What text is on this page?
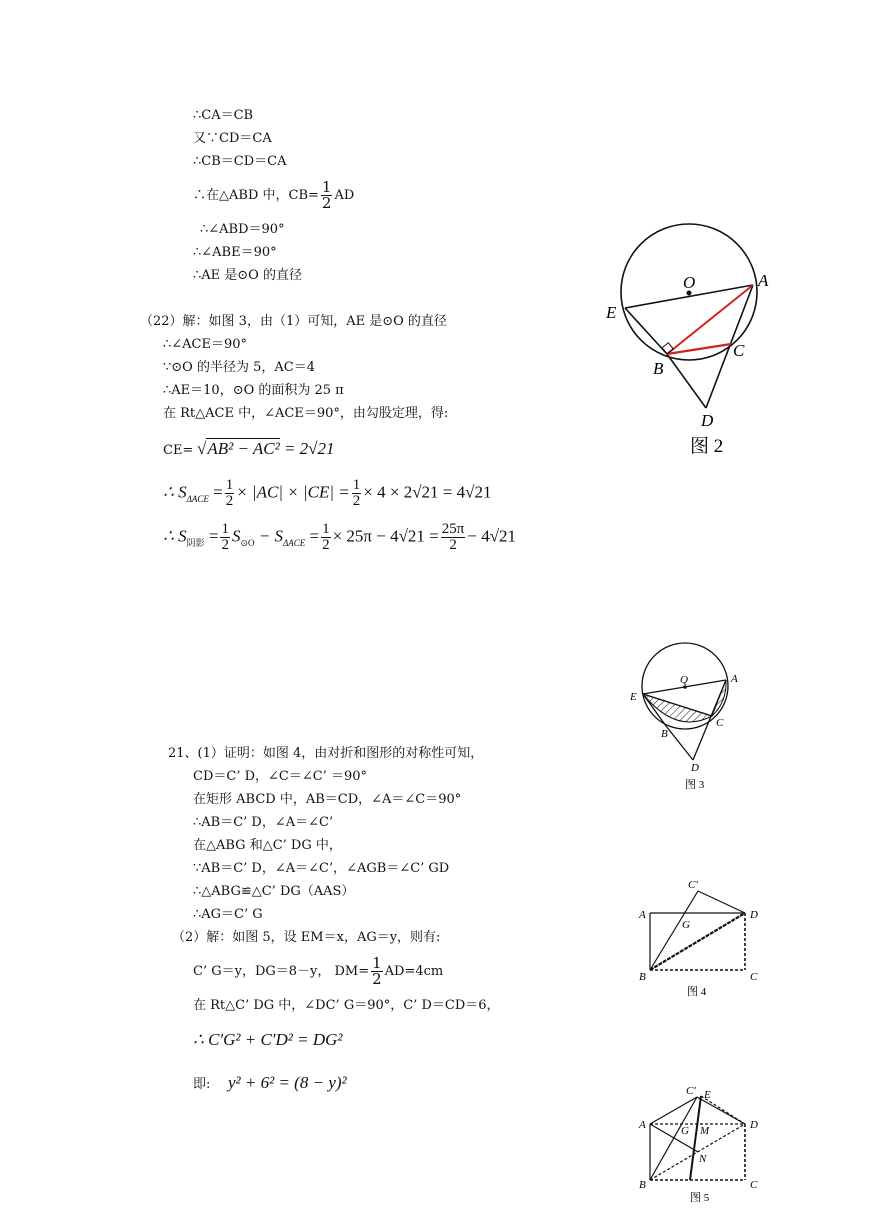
∴CA＝CB
又∵CD＝CA
∴CB＝CD＝CA
∴在△ABD 中，$CB= \frac{1}{2}$ AD
∴∠ABD＝90°
∴∠ABE＝90°
∴AE 是⊙O 的直径
（22）解：如图 3，由（1）可知，AE 是⊙O 的直径
∴∠ACE＝90°
∵⊙O 的半径为 5，AC＝4
∴AE＝10，⊙O 的面积为 25 π
在 Rt△ACE 中，∠ACE＝90°，由勾股定理，得:
CE= √AB² − AC² = 2√21
∴ $S_{\Delta ACE} = \frac{1}{2} \times |AC| \times |CE| = \frac{1}{2} \times 4 \times 2√21 = 4√21$
∴ $S_{阴影} = \frac{1}{2} S_{⊙O} - S_{\Delta ACE} = \frac{1}{2} \times 25\pi - 4√21 = \frac{25\pi}{2} - 4√21$
21、(1）证明：如图 4，由对折和图形的对称性可知，
CD＝C’ D，∠C＝∠C’ ＝90°
在矩形 ABCD 中，AB＝CD，∠A＝∠C＝90°
∴AB＝C’ D，∠A＝∠C’
在△ABG 和△C’ DG 中，
∵AB＝C’ D，∠A＝∠C’，∠AGB＝∠C’ GD
∴△ABG≌△C’ DG（AAS）
∴AG＝C’ G
（2）解：如图 5，设 EM＝x，AG＝y，则有:
C’ G＝y，DG＝8－y， $DM= \frac{1}{2} AD=4cm$
在 Rt△C’ DG 中，∠DC’ G＝90°，C’ D＝CD＝6，
∴ C′G² + C′D² = DG²
即: y² + 6² = (8 − y)²
O	A
E
B
C
D
图 2
Q	A
E
B
C
D
图 3
C′
A	D
G
B	C
图 4
C′ E
A	D
G M
N
B	C
图 5
